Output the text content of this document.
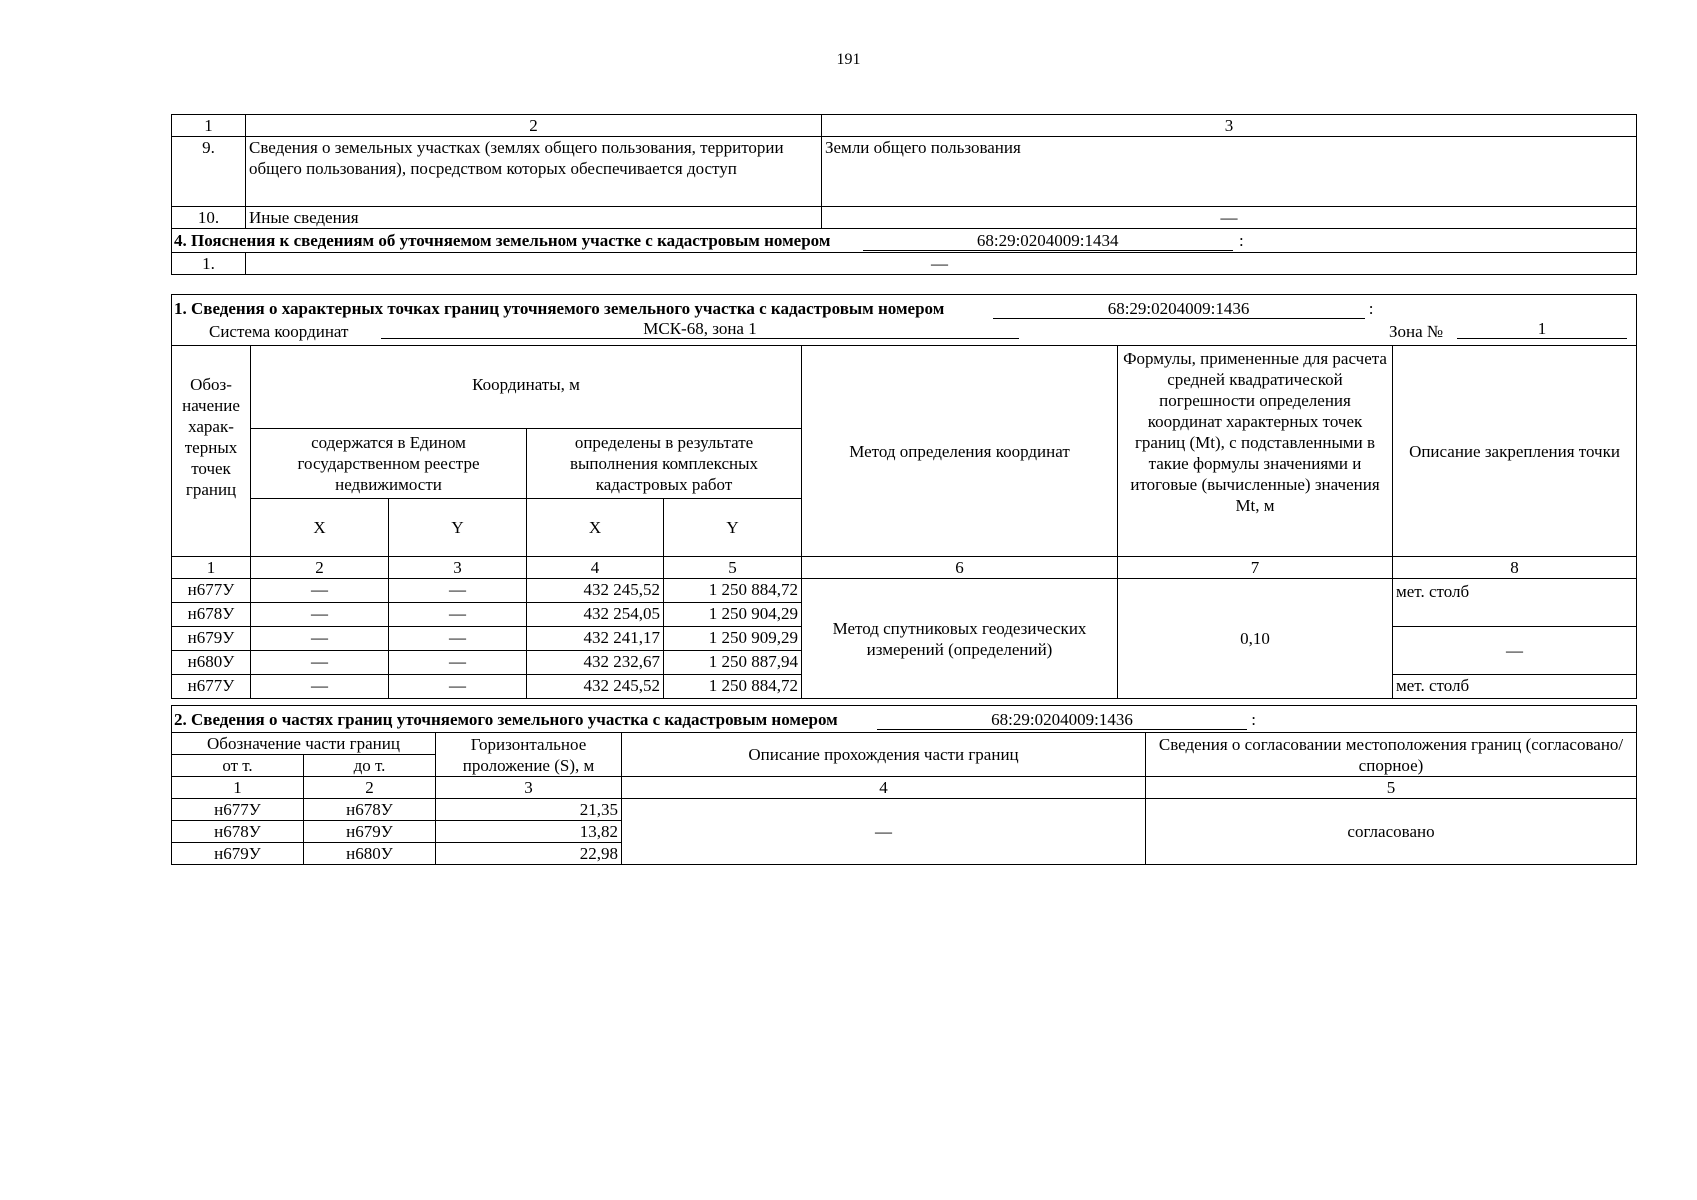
191
1	2	3
9.	Сведения о земельных участках (землях общего пользования, территории общего пользования), посредством которых обеспечивается доступ	Земли общего пользования
10.	Иные сведения	—
4. Пояснения к сведениям об уточняемом земельном участке с кадастровым номером 68:29:0204009:1434 :		
1.	—	
1. Сведения о характерных точках границ уточняемого земельного участка с кадастровым номером 68:29:0204009:1436 :
Система координат МСК-68, зона 1 Зона № 1							

Обоз-начение харак-терных точек границ	Координаты, м				Метод определения координат	Формулы, примененные для расчета средней квадратической погрешности определения координат характерных точек границ (Mt), с подставленными в такие формулы значениями и итоговые (вычисленные) значения Mt, м	Описание закрепления точки
	содержатся в Едином государственном реестре недвижимости		определены в результате выполнения комплексных кадастровых работ				
	X	Y	X	Y			
1	2	3	4	5	6	7	8
н677У	—	—	432 245,52	1 250 884,72	Метод спутниковых геодезических измерений (определений)	0,10	мет. столб
н678У	—	—	432 254,05	1 250 904,29			
н679У	—	—	432 241,17	1 250 909,29			—
н680У	—	—	432 232,67	1 250 887,94			
н677У	—	—	432 245,52	1 250 884,72			мет. столб
2. Сведения о частях границ уточняемого земельного участка с кадастровым номером 68:29:0204009:1436 :				
Обозначение части границ		Горизонтальное проложение (S), м	Описание прохождения части границ	Сведения о согласовании местоположения границ (согласовано/спорное)
от т.	до т.			
1	2	3	4	5
н677У	н678У	21,35	—	согласовано
н678У	н679У	13,82		
н679У	н680У	22,98		
